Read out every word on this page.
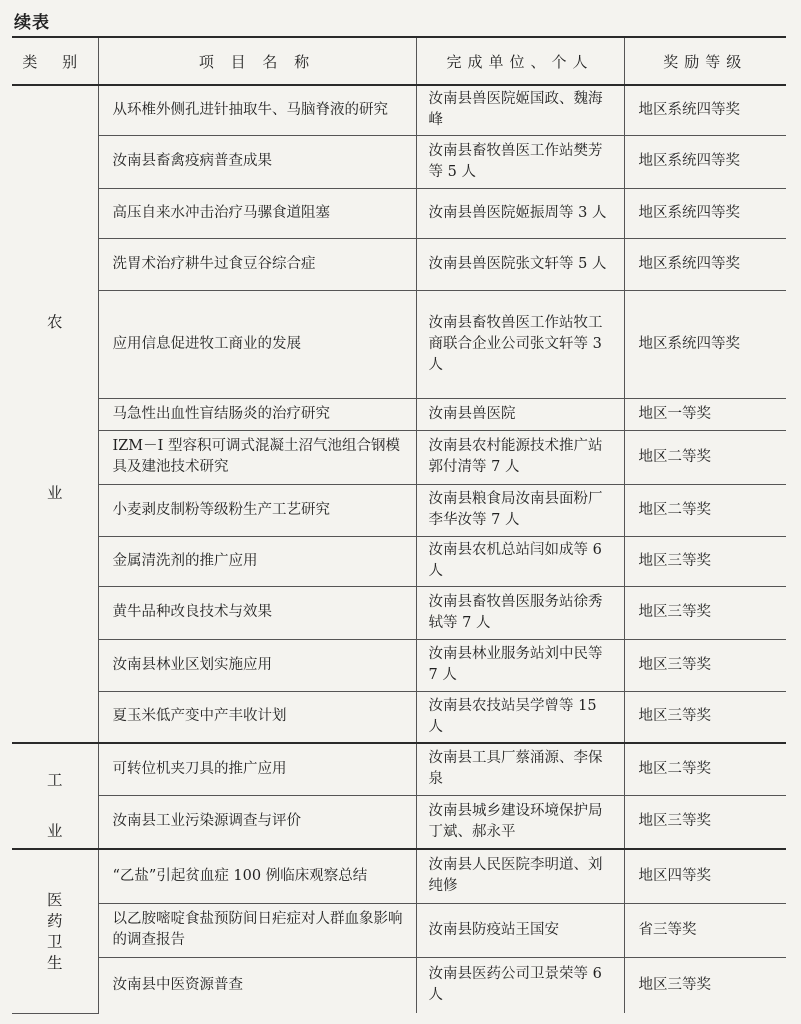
续表
类 别	项 目 名 称	完成单位、个人	奖励等级

农
业	从环椎外侧孔进针抽取牛、马脑脊液的研究	汝南县兽医院姬国政、魏海峰	地区系统四等奖
	汝南县畜禽疫病普查成果	汝南县畜牧兽医工作站樊芳等 5 人	地区系统四等奖
	高压自来水冲击治疗马骡食道阻塞	汝南县兽医院姬振周等 3 人	地区系统四等奖
	洗胃术治疗耕牛过食豆谷综合症	汝南县兽医院张文轩等 5 人	地区系统四等奖
	应用信息促进牧工商业的发展	汝南县畜牧兽医工作站牧工商联合企业公司张文轩等 3 人	地区系统四等奖
	马急性出血性盲结肠炎的治疗研究	汝南县兽医院	地区一等奖
	IZM－I 型容积可调式混凝土沼气池组合钢模具及建池技术研究	汝南县农村能源技术推广站郭付清等 7 人	地区二等奖
	小麦剥皮制粉等级粉生产工艺研究	汝南县粮食局汝南县面粉厂李华汝等 7 人	地区二等奖
	金属清洗剂的推广应用	汝南县农机总站闫如成等 6 人	地区三等奖
	黄牛品种改良技术与效果	汝南县畜牧兽医服务站徐秀轼等 7 人	地区三等奖
	汝南县林业区划实施应用	汝南县林业服务站刘中民等 7 人	地区三等奖
	夏玉米低产变中产丰收计划	汝南县农技站吴学曾等 15 人	地区三等奖

工
业	可转位机夹刀具的推广应用	汝南县工具厂蔡涌源、李保泉	地区二等奖
	汝南县工业污染源调查与评价	汝南县城乡建设环境保护局丁斌、郝永平	地区三等奖

医
药
卫
生	“乙盐”引起贫血症 100 例临床观察总结	汝南县人民医院李明道、刘纯修	地区四等奖
	以乙胺嘧啶食盐预防间日疟症对人群血象影响的调查报告	汝南县防疫站王国安	省三等奖
	汝南县中医资源普查	汝南县医药公司卫景荣等 6 人	地区三等奖
